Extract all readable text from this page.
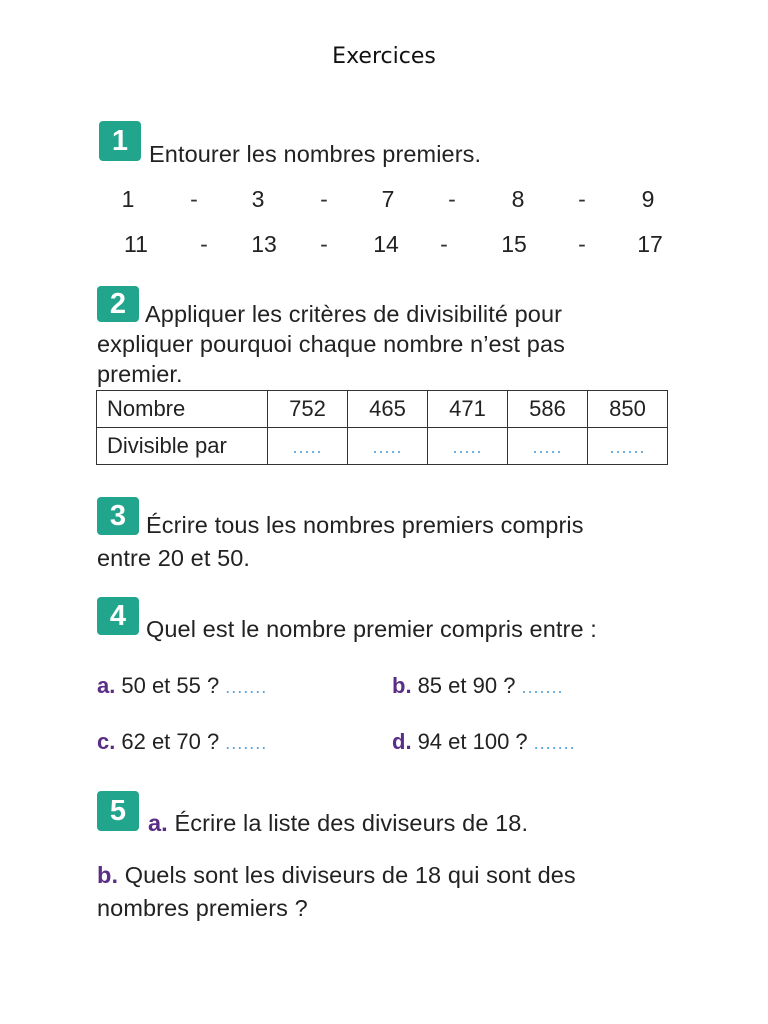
Exercices
1 Entourer les nombres premiers.
1 - 3 - 7 - 8 - 9
11 - 13 - 14 - 15 - 17
2 Appliquer les critères de divisibilité pour
expliquer pourquoi chaque nombre n’est pas
premier.
Nombre	752	465	471	586	850
Divisible par	.....	.....	.....	.....	......
3 Écrire tous les nombres premiers compris
entre 20 et 50.
4 Quel est le nombre premier compris entre :
a. 50 et 55 ? .......	b. 85 et 90 ? .......
c. 62 et 70 ? .......	d. 94 et 100 ? .......
5 a. Écrire la liste des diviseurs de 18.
b. Quels sont les diviseurs de 18 qui sont des
nombres premiers ?
